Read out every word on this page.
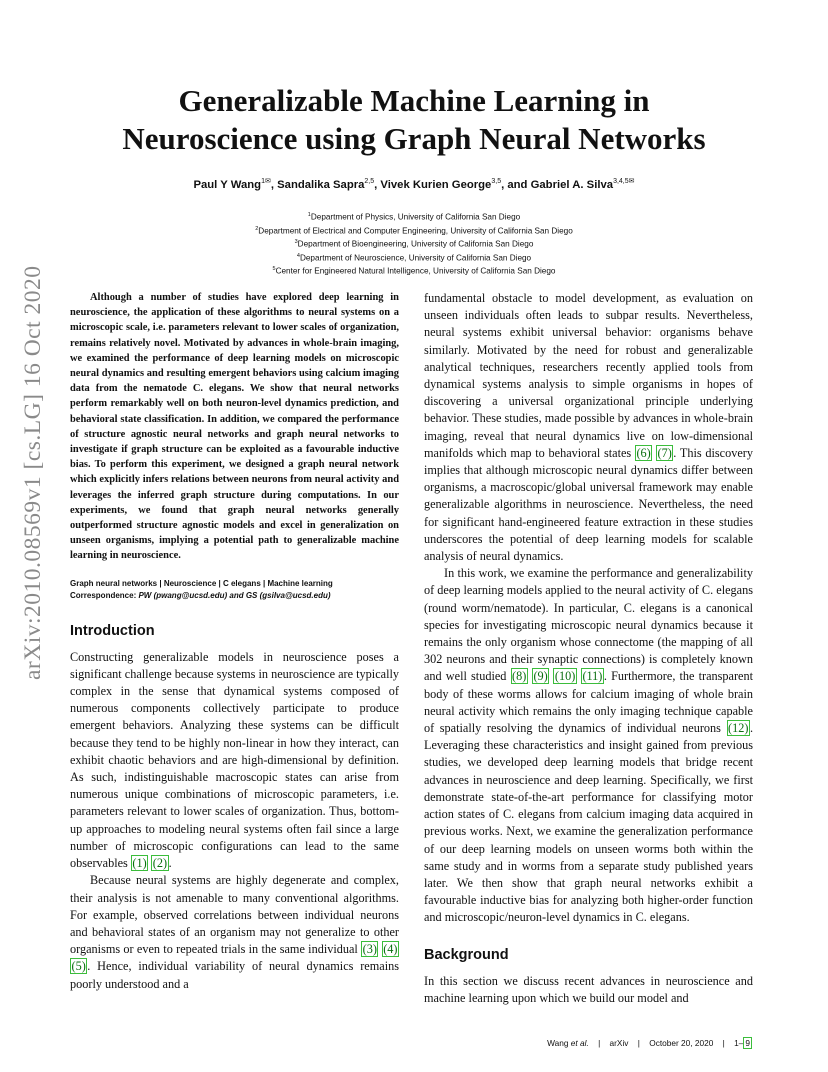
arXiv:2010.08569v1 [cs.LG] 16 Oct 2020
Generalizable Machine Learning in
Neuroscience using Graph Neural Networks
Paul Y Wang$^{1✉}$, Sandalika Sapra$^{2,5}$, Vivek Kurien George$^{3,5}$, and Gabriel A. Silva$^{3,4,5✉}$
$^1$Department of Physics, University of California San Diego
$^2$Department of Electrical and Computer Engineering, University of California San Diego
$^3$Department of Bioengineering, University of California San Diego
$^4$Department of Neuroscience, University of California San Diego
$^5$Center for Engineered Natural Intelligence, University of California San Diego

Although a number of studies have explored deep learning in neuroscience, the application of these algorithms to neural systems on a microscopic scale, i.e. parameters relevant to lower scales of organization, remains relatively novel. Motivated by advances in whole-brain imaging, we examined the performance of deep learning models on microscopic neural dynamics and resulting emergent behaviors using calcium imaging data from the nematode C. elegans. We show that neural networks perform remarkably well on both neuron-level dynamics prediction, and behavioral state classification. In addition, we compared the performance of structure agnostic neural networks and graph neural networks to investigate if graph structure can be exploited as a favourable inductive bias. To perform this experiment, we designed a graph neural network which explicitly infers relations between neurons from neural activity and leverages the inferred graph structure during computations. In our experiments, we found that graph neural networks generally outperformed structure agnostic models and excel in generalization on unseen organisms, implying a potential path to generalizable machine learning in neuroscience.

Graph neural networks | Neuroscience | C elegans | Machine learning
Correspondence: PW (pwang@ucsd.edu) and GS (gsilva@ucsd.edu)
Introduction

Constructing generalizable models in neuroscience poses a significant challenge because systems in neuroscience are typically complex in the sense that dynamical systems composed of numerous components collectively participate to produce emergent behaviors. Analyzing these systems can be difficult because they tend to be highly non-linear in how they interact, can exhibit chaotic behaviors and are high-dimensional by definition. As such, indistinguishable macroscopic states can arise from numerous unique combinations of microscopic parameters, i.e. parameters relevant to lower scales of organization. Thus, bottom-up approaches to modeling neural systems often fail since a large number of microscopic configurations can lead to the same observables (1) (2) .

Because neural systems are highly degenerate and complex, their analysis is not amenable to many conventional algorithms. For example, observed correlations between individual neurons and behavioral states of an organism may not generalize to other organisms or even to repeated trials in the same individual (3) (4) (5) . Hence, individual variability of neural dynamics remains poorly understood and a

fundamental obstacle to model development, as evaluation on unseen individuals often leads to subpar results. Nevertheless, neural systems exhibit universal behavior: organisms behave similarly. Motivated by the need for robust and generalizable analytical techniques, researchers recently applied tools from dynamical systems analysis to simple organisms in hopes of discovering a universal organizational principle underlying behavior. These studies, made possible by advances in whole-brain imaging, reveal that neural dynamics live on low-dimensional manifolds which map to behavioral states (6) (7) . This discovery implies that although microscopic neural dynamics differ between organisms, a macroscopic/global universal framework may enable generalizable algorithms in neuroscience. Nevertheless, the need for significant hand-engineered feature extraction in these studies underscores the potential of deep learning models for scalable analysis of neural dynamics.

In this work, we examine the performance and generalizability of deep learning models applied to the neural activity of C. elegans (round worm/nematode). In particular, C. elegans is a canonical species for investigating microscopic neural dynamics because it remains the only organism whose connectome (the mapping of all 302 neurons and their synaptic connections) is completely known and well studied (8) (9) (10) (11) . Furthermore, the transparent body of these worms allows for calcium imaging of whole brain neural activity which remains the only imaging technique capable of spatially resolving the dynamics of individual neurons (12) . Leveraging these characteristics and insight gained from previous studies, we developed deep learning models that bridge recent advances in neuroscience and deep learning. Specifically, we first demonstrate state-of-the-art performance for classifying motor action states of C. elegans from calcium imaging data acquired in previous works. Next, we examine the generalization performance of our deep learning models on unseen worms both within the same study and in worms from a separate study published years later. We then show that graph neural networks exhibit a favourable inductive bias for analyzing both higher-order function and microscopic/neuron-level dynamics in C. elegans.

Background

In this section we discuss recent advances in neuroscience and machine learning upon which we build our model and

Wang et al. | arXiv | October 20, 2020 | 1– 9
